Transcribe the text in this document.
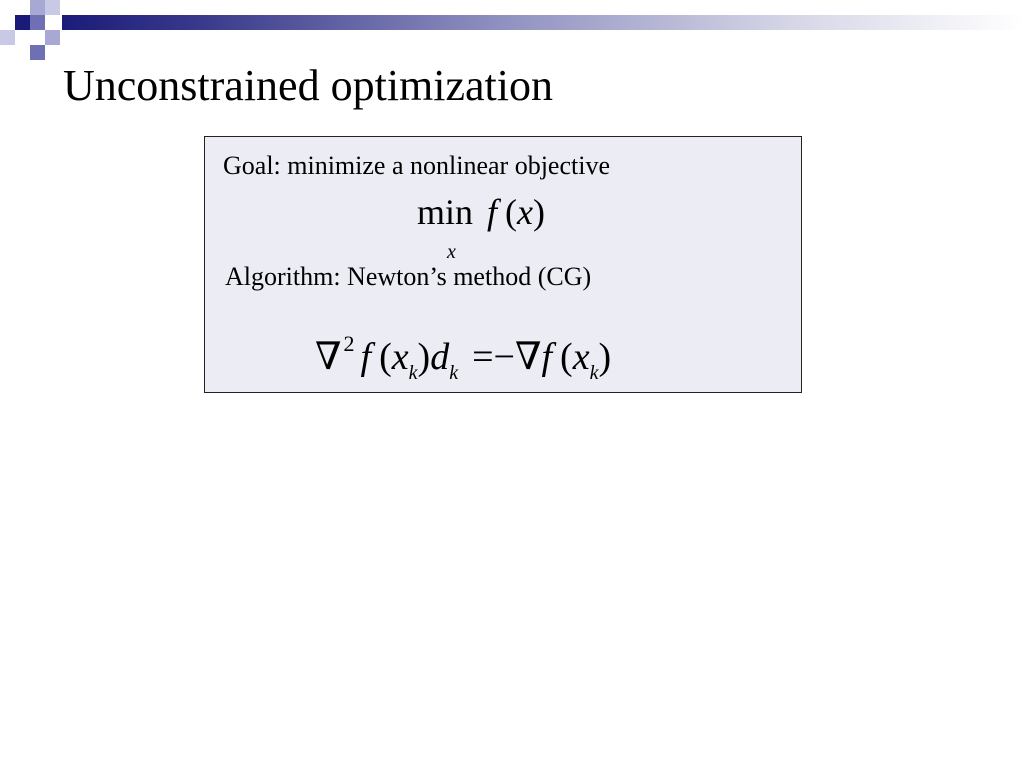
Unconstrained optimization
Goal: minimize a nonlinear objective
min f (x)
x
Algorithm: Newton’s method (CG)
∇$^2$ f $(x_k)d_k =-\nabla f$ $(x_k)$
